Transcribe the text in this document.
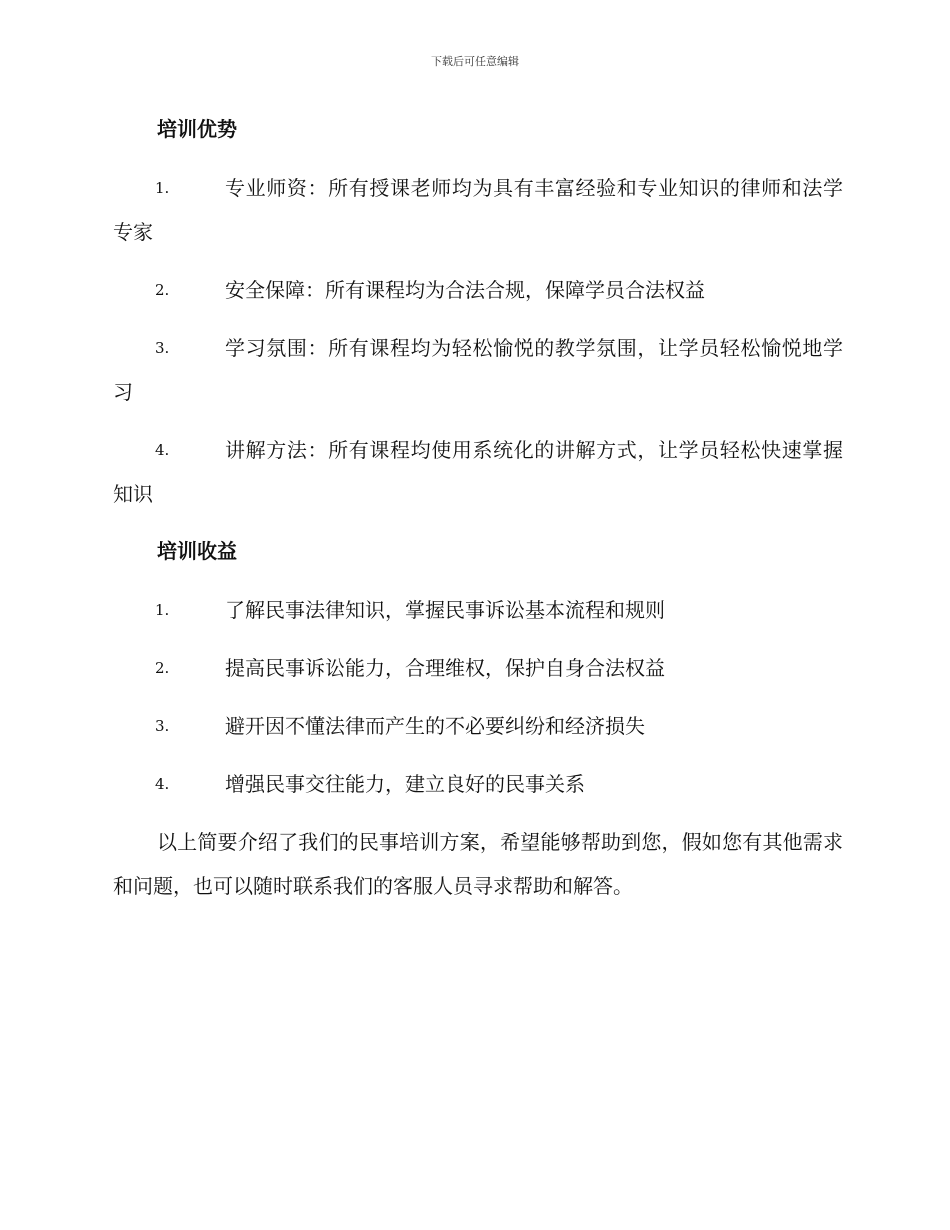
下载后可任意编辑
培训优势
1.	专业师资：所有授课老师均为具有丰富经验和专业知识的律师和法学专家
2.	安全保障：所有课程均为合法合规，保障学员合法权益
3.	学习氛围：所有课程均为轻松愉悦的教学氛围，让学员轻松愉悦地学习
4.	讲解方法：所有课程均使用系统化的讲解方式，让学员轻松快速掌握知识
培训收益
1.	了解民事法律知识，掌握民事诉讼基本流程和规则
2.	提高民事诉讼能力，合理维权，保护自身合法权益
3.	避开因不懂法律而产生的不必要纠纷和经济损失
4.	增强民事交往能力，建立良好的民事关系

以上简要介绍了我们的民事培训方案，希望能够帮助到您，假如您有其他需求和问题，也可以随时联系我们的客服人员寻求帮助和解答。
